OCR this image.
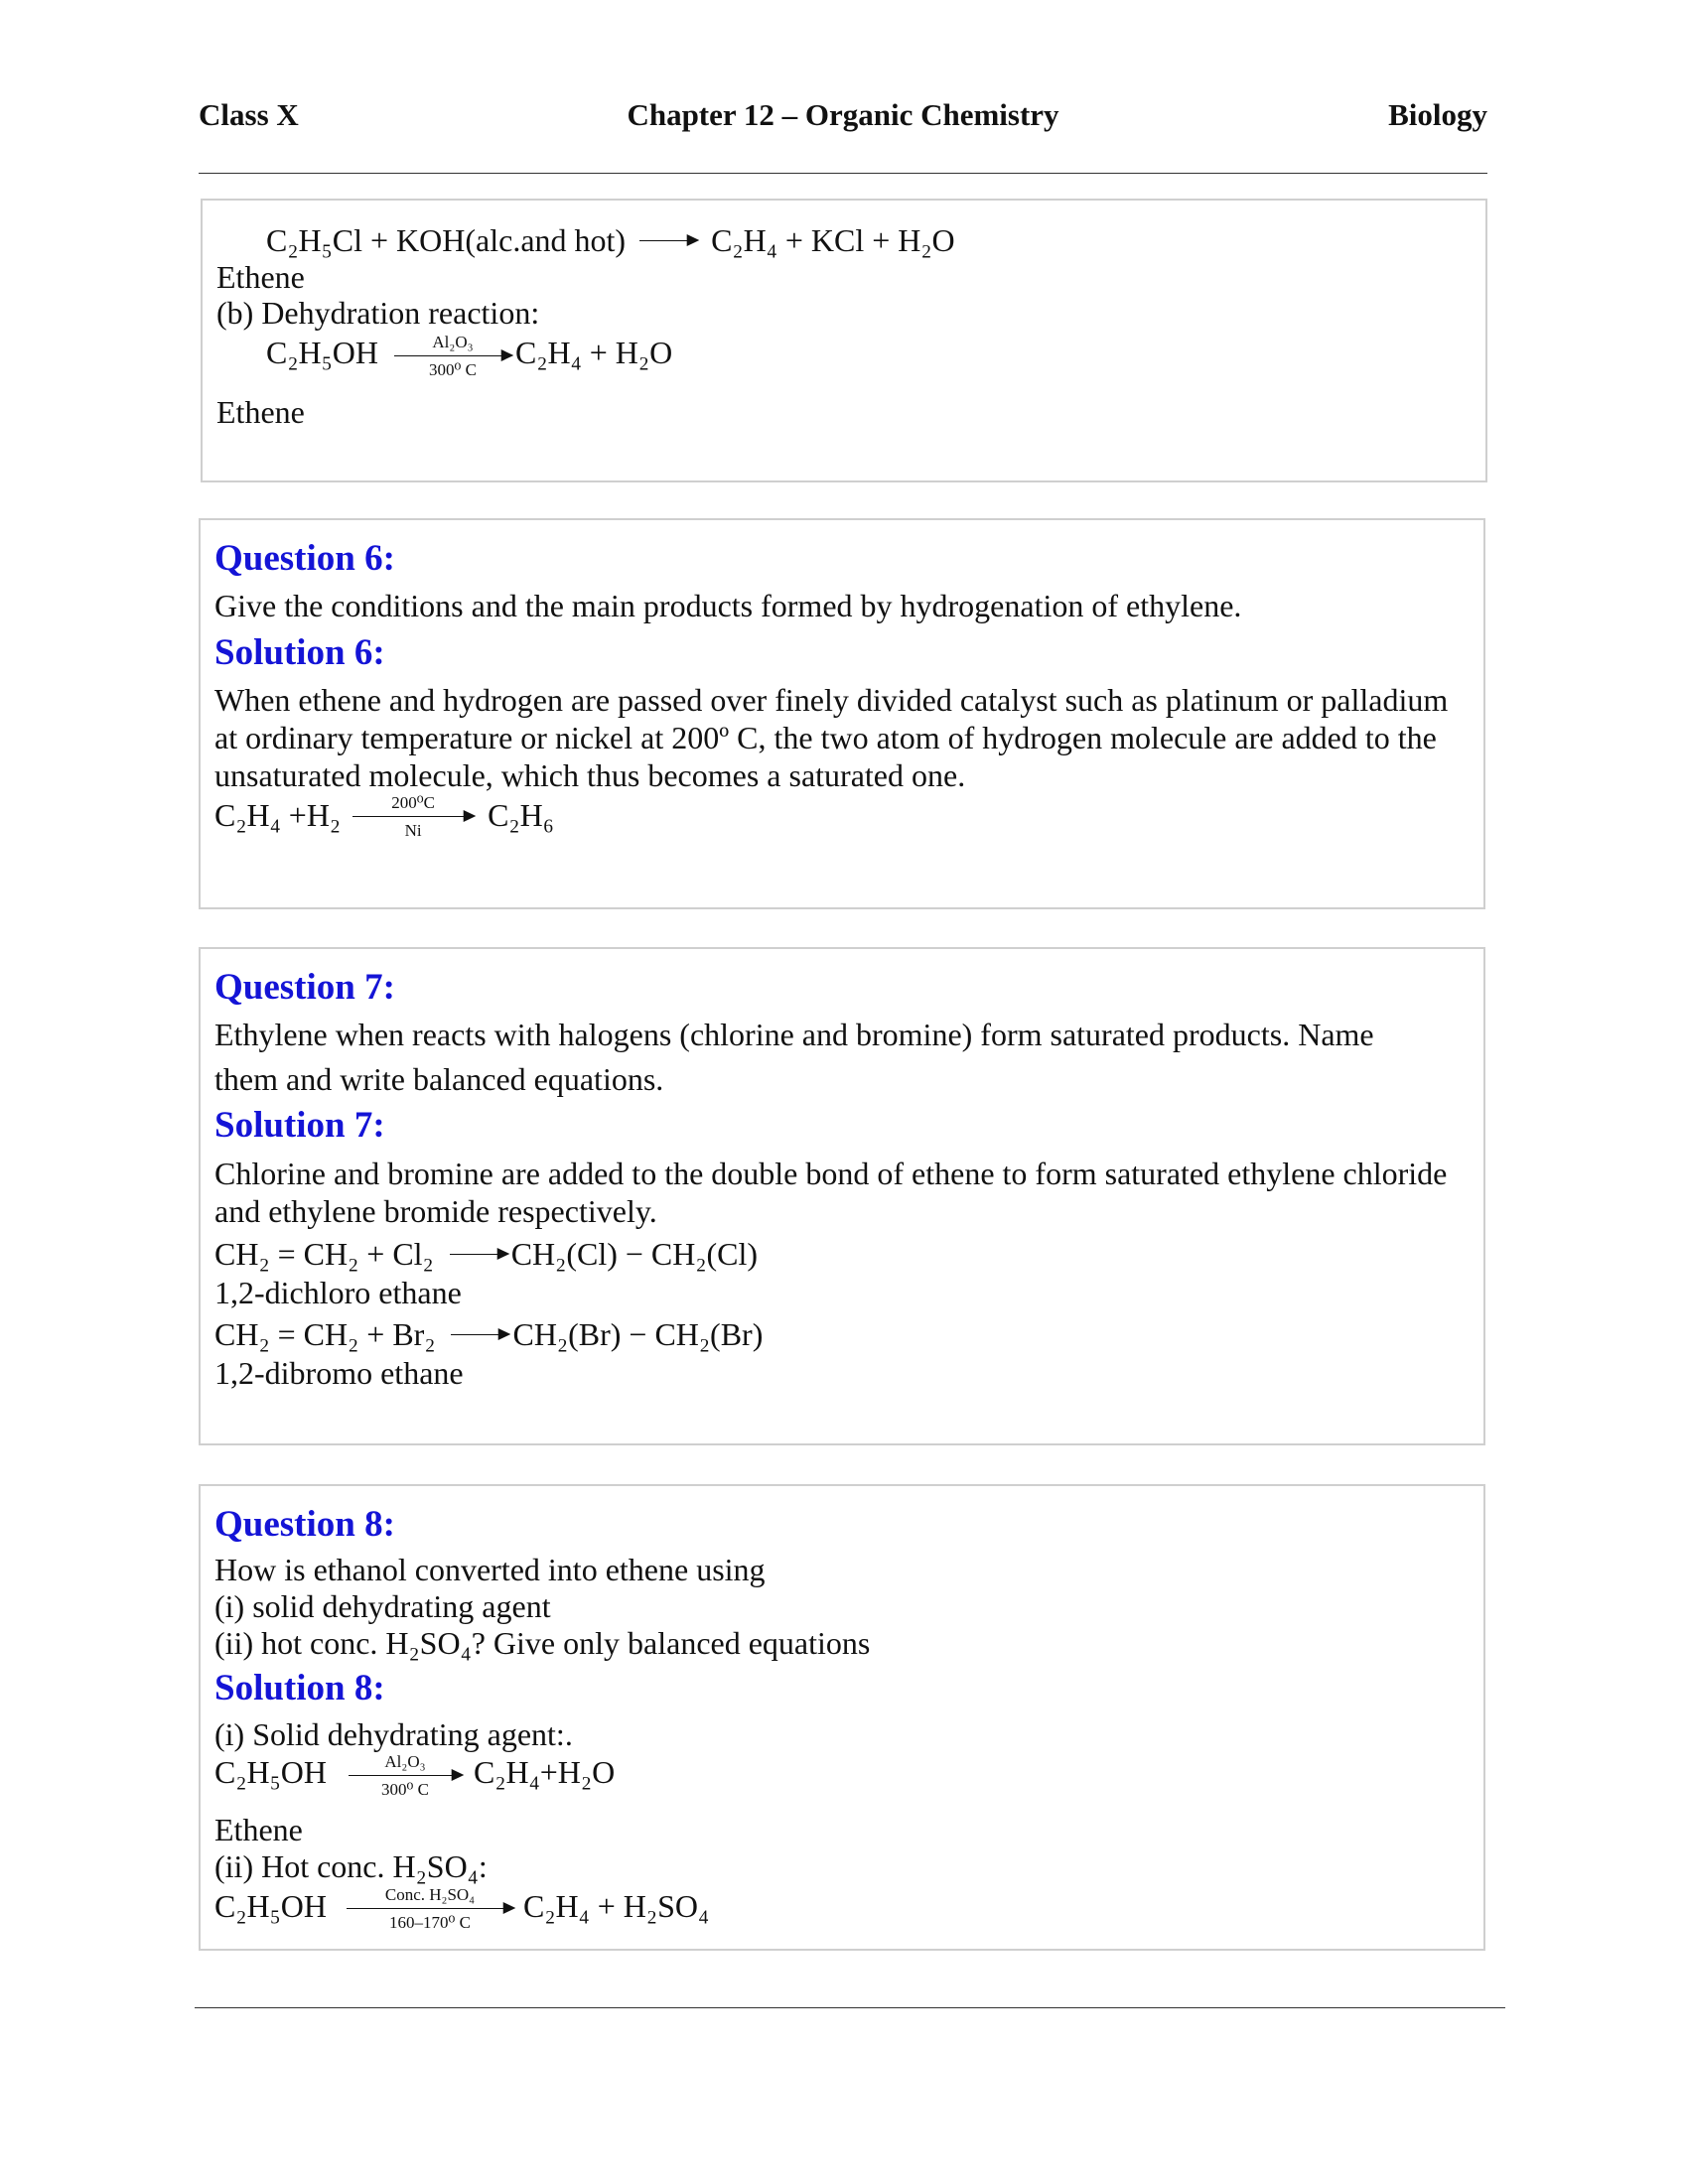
Class X	Chapter 12 – Organic Chemistry	Biology
C₂H₅Cl + KOH(alc.and hot)	C₂H₄ + KCl + H₂O
Ethene
(b) Dehydration reaction:
C₂H₅OH	Al₂O₃
300⁰ C C₂H₄ + H₂O
Ethene
Question 6:
Give the conditions and the main products formed by hydrogenation of ethylene.
Solution 6:
When ethene and hydrogen are passed over finely divided catalyst such as platinum or palladium
at ordinary temperature or nickel at 200º C, the two atom of hydrogen molecule are added to the
unsaturated molecule, which thus becomes a saturated one.
C₂H₄ +H₂	200⁰C
Ni C₂H₆
Question 7:
Ethylene when reacts with halogens (chlorine and bromine) form saturated products. Name
them and write balanced equations.
Solution 7:
Chlorine and bromine are added to the double bond of ethene to form saturated ethylene chloride
and ethylene bromide respectively.
CH₂ = CH₂ + Cl₂ CH₂(Cl) − CH₂(Cl)
1,2-dichloro ethane
CH₂ = CH₂ + Br₂ CH₂(Br) − CH₂(Br)
1,2-dibromo ethane
Question 8:
How is ethanol converted into ethene using
(i) solid dehydrating agent
(ii) hot conc. H₂SO₄? Give only balanced equations
Solution 8:
(i) Solid dehydrating agent:.
C₂H₅OH	Al₂O₃
300⁰ C C₂H₄+H₂O
Ethene
(ii) Hot conc. H₂SO₄:
C₂H₅OH	Conc. H₂SO₄
160–170⁰ C C₂H₄ + H₂SO₄
